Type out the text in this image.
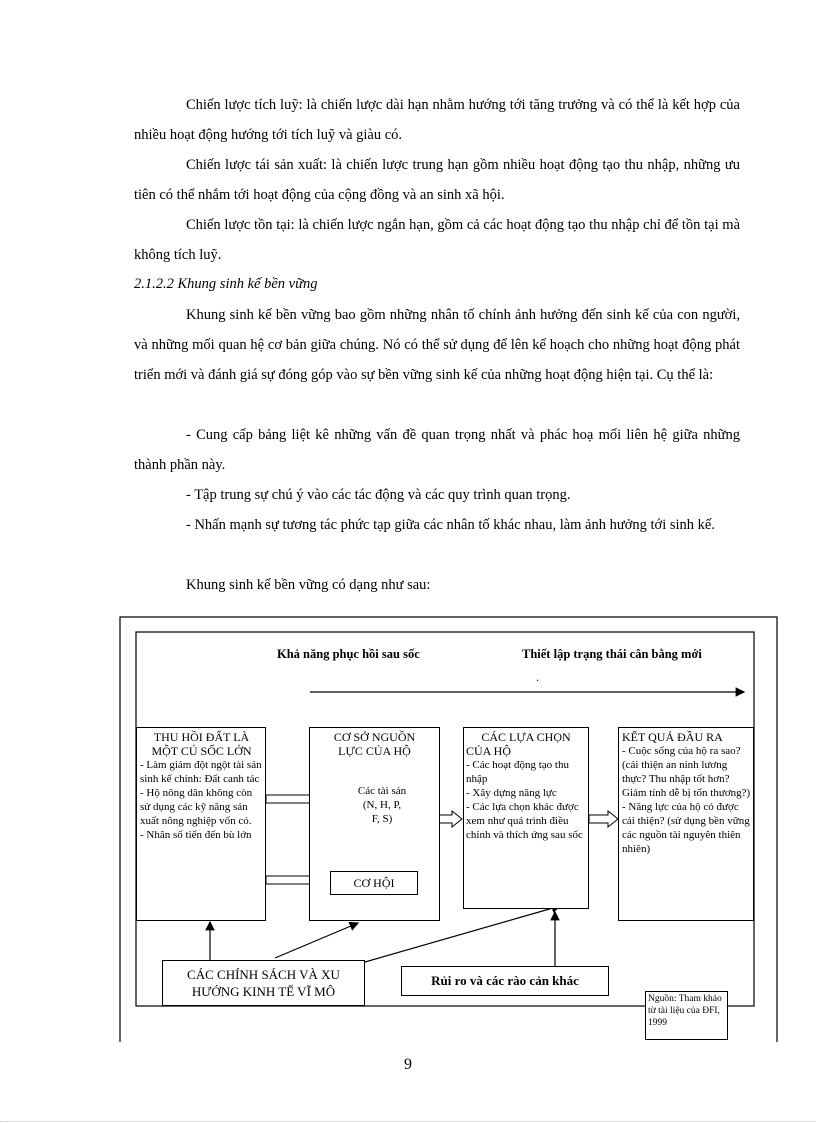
Chiến lược tích luỹ: là chiến lược dài hạn nhằm hướng tới tăng trưởng và có thể là kết hợp của nhiều hoạt động hướng tới tích luỹ và giàu có.
Chiến lược tái sản xuất: là chiến lược trung hạn gồm nhiều hoạt động tạo thu nhập, những ưu tiên có thể nhắm tới hoạt động của cộng đồng và an sinh xã hội.
Chiến lược tồn tại: là chiến lược ngắn hạn, gồm cả các hoạt động tạo thu nhập chỉ để tồn tại mà không tích luỹ.
2.1.2.2 Khung sinh kế bền vững
Khung sinh kế bền vững bao gồm những nhân tố chính ảnh hưởng đến sinh kế của con người, và những mối quan hệ cơ bản giữa chúng. Nó có thể sử dụng để lên kế hoạch cho những hoạt động phát triển mới và đánh giá sự đóng góp vào sự bền vững sinh kế của những hoạt động hiện tại. Cụ thể là:
- Cung cấp bảng liệt kê những vấn đề quan trọng nhất và phác hoạ mối liên hệ giữa những thành phần này.
- Tập trung sự chú ý vào các tác động và các quy trình quan trọng.
- Nhấn mạnh sự tương tác phức tạp giữa các nhân tố khác nhau, làm ảnh hưởng tới sinh kế.
Khung sinh kế bền vững có dạng như sau:
Khả năng phục hồi sau sốc	Thiết lập trạng thái cân bằng mới
.
THU HỒI ĐẤT LÀ
MỘT CÚ SỐC LỚN
- Làm giảm đột ngột tài sản sinh kế chính: Đất canh tác
- Hộ nông dân không còn sử dụng các kỹ năng sản xuất nông nghiệp vốn có.
- Nhân số tiến đến bù lớn
CƠ SỞ NGUỒN
LỰC CỦA HỘ
Các tài sản
(N, H, P,
F, S)
CƠ HỘI
CÁC LỰA CHỌN
CỦA HỘ
- Các hoạt động tạo thu nhập
- Xây dựng năng lực
- Các lựa chọn khác được xem như quá trình điều chỉnh và thích ứng sau sốc
KẾT QUẢ ĐẦU RA
- Cuộc sống của hộ ra sao? (cải thiện an ninh lương thực? Thu nhập tốt hơn? Giảm tính dễ bị tổn thương?)
- Năng lực của hộ có được cải thiện? (sử dụng bền vững các nguồn tài nguyên thiên nhiên)
CÁC CHÍNH SÁCH VÀ XU HƯỚNG KINH TẾ VĨ MÔ
Rủi ro và các rào cản khác
Nguồn: Tham khảo từ tài liệu của ĐFI, 1999
9
